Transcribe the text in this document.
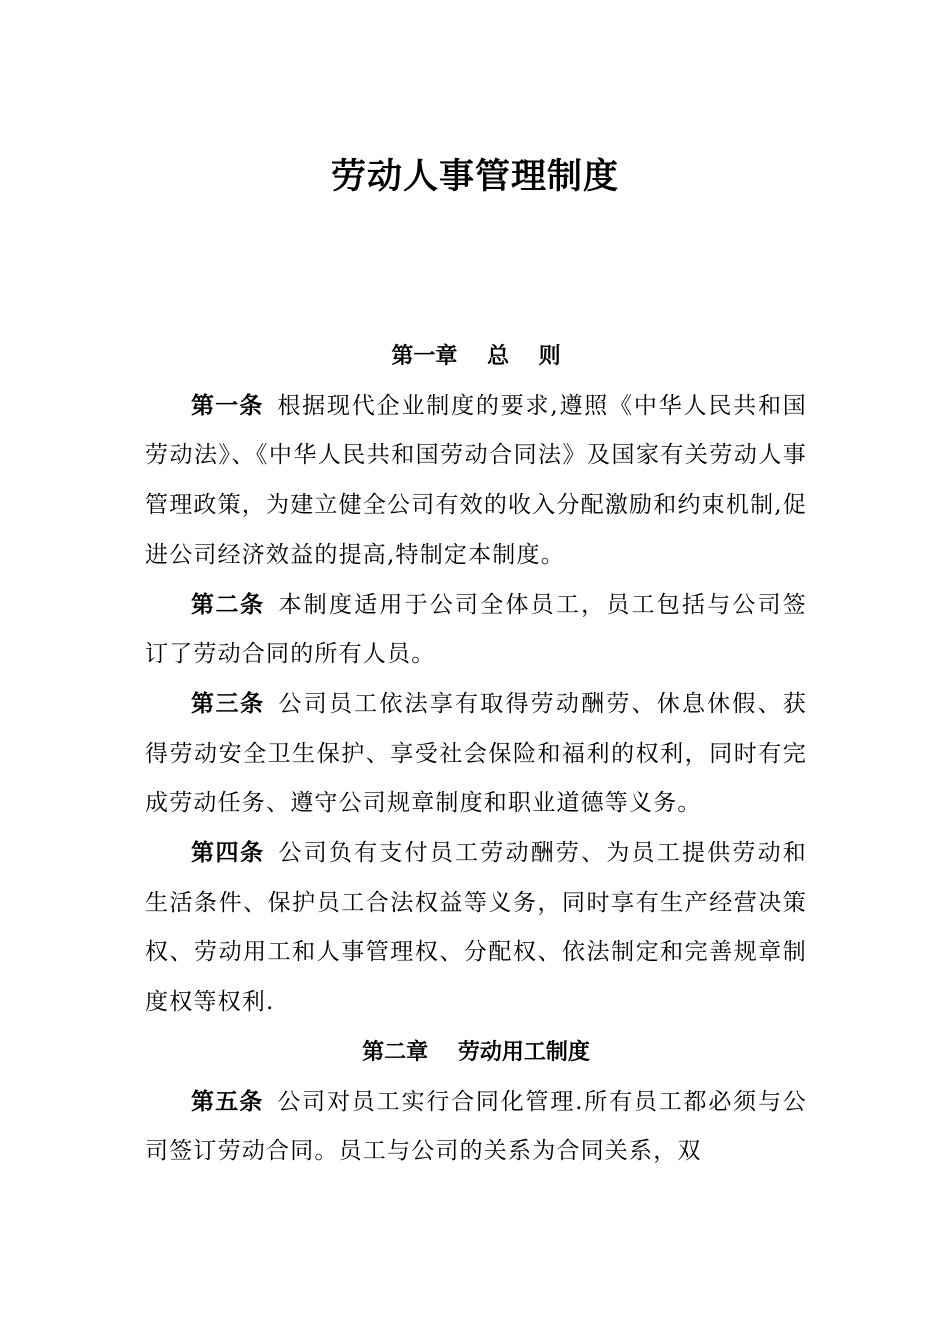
劳动人事管理制度
第一章　 总　 则

第一条 根据现代企业制度的要求,遵照《中华人民共和国劳动法》、《中华人民共和国劳动合同法》及国家有关劳动人事管理政策，为建立健全公司有效的收入分配激励和约束机制,促进公司经济效益的提高,特制定本制度。

第二条 本制度适用于公司全体员工，员工包括与公司签订了劳动合同的所有人员。

第三条 公司员工依法享有取得劳动酬劳、休息休假、获得劳动安全卫生保护、享受社会保险和福利的权利，同时有完成劳动任务、遵守公司规章制度和职业道德等义务。

第四条 公司负有支付员工劳动酬劳、为员工提供劳动和生活条件、保护员工合法权益等义务，同时享有生产经营决策权、劳动用工和人事管理权、分配权、依法制定和完善规章制度权等权利.

第二章　 劳动用工制度

第五条 公司对员工实行合同化管理.所有员工都必须与公司签订劳动合同。员工与公司的关系为合同关系，双
